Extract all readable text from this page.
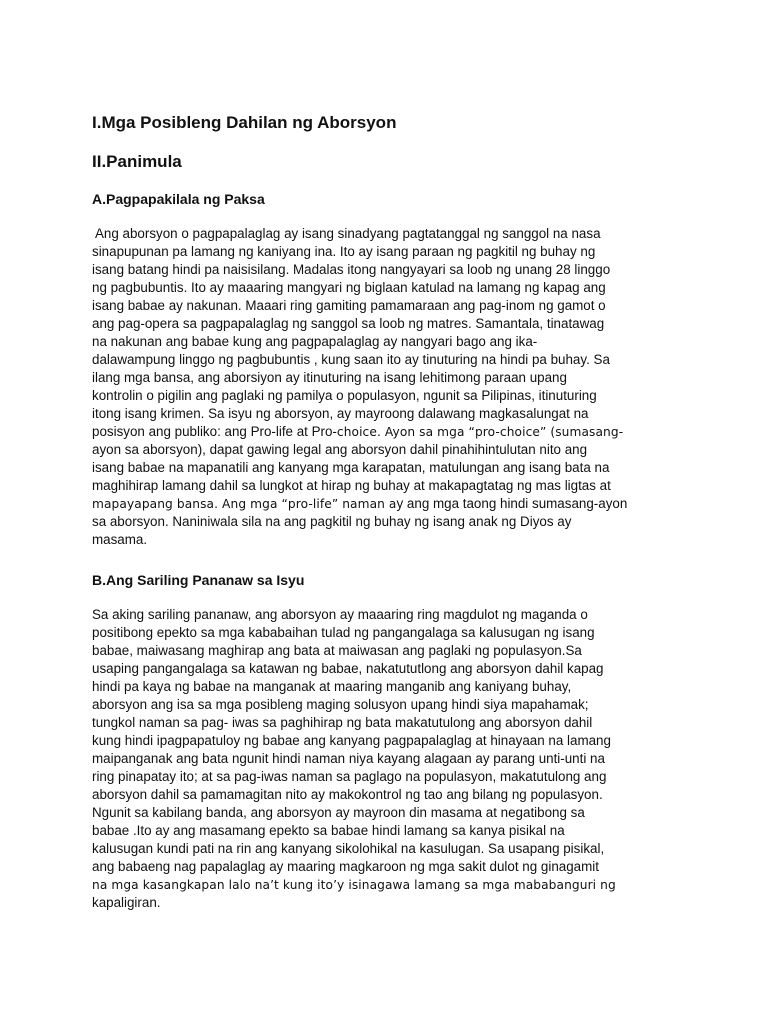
I.Mga Posibleng Dahilan ng Aborsyon
II.Panimula
A.Pagpapakilala ng Paksa
Ang aborsyon o pagpapalaglag ay isang sinadyang pagtatanggal ng sanggol na nasa
sinapupunan pa lamang ng kaniyang ina. Ito ay isang paraan ng pagkitil ng buhay ng
isang batang hindi pa naisisilang. Madalas itong nangyayari sa loob ng unang 28 linggo
ng pagbubuntis. Ito ay maaaring mangyari ng biglaan katulad na lamang ng kapag ang
isang babae ay nakunan. Maaari ring gamiting pamamaraan ang pag-inom ng gamot o
ang pag-opera sa pagpapalaglag ng sanggol sa loob ng matres. Samantala, tinatawag
na nakunan ang babae kung ang pagpapalaglag ay nangyari bago ang ika-
dalawampung linggo ng pagbubuntis , kung saan ito ay tinuturing na hindi pa buhay. Sa
ilang mga bansa, ang aborsiyon ay itinuturing na isang lehitimong paraan upang
kontrolin o pigilin ang paglaki ng pamilya o populasyon, ngunit sa Pilipinas, itinuturing
itong isang krimen. Sa isyu ng aborsyon, ay mayroong dalawang magkasalungat na
posisyon ang publiko: ang Pro-life at Pro-choice. Ayon sa mga “pro-choice” (sumasang-
ayon sa aborsyon), dapat gawing legal ang aborsyon dahil pinahihintulutan nito ang
isang babae na mapanatili ang kanyang mga karapatan, matulungan ang isang bata na
maghihirap lamang dahil sa lungkot at hirap ng buhay at makapagtatag ng mas ligtas at
mapayapang bansa. Ang mga “pro-life” naman ay ang mga taong hindi sumasang-ayon
sa aborsyon. Naniniwala sila na ang pagkitil ng buhay ng isang anak ng Diyos ay
masama.
B.Ang Sariling Pananaw sa Isyu
Sa aking sariling pananaw, ang aborsyon ay maaaring ring magdulot ng maganda o
positibong epekto sa mga kababaihan tulad ng pangangalaga sa kalusugan ng isang
babae, maiwasang maghirap ang bata at maiwasan ang paglaki ng populasyon.Sa
usaping pangangalaga sa katawan ng babae, nakatututlong ang aborsyon dahil kapag
hindi pa kaya ng babae na manganak at maaring manganib ang kaniyang buhay,
aborsyon ang isa sa mga posibleng maging solusyon upang hindi siya mapahamak;
tungkol naman sa pag- iwas sa paghihirap ng bata makatutulong ang aborsyon dahil
kung hindi ipagpapatuloy ng babae ang kanyang pagpapalaglag at hinayaan na lamang
maipanganak ang bata ngunit hindi naman niya kayang alagaan ay parang unti-unti na
ring pinapatay ito; at sa pag-iwas naman sa paglago na populasyon, makatutulong ang
aborsyon dahil sa pamamagitan nito ay makokontrol ng tao ang bilang ng populasyon.
Ngunit sa kabilang banda, ang aborsyon ay mayroon din masama at negatibong sa
babae .Ito ay ang masamang epekto sa babae hindi lamang sa kanya pisikal na
kalusugan kundi pati na rin ang kanyang sikolohikal na kasulugan. Sa usapang pisikal,
ang babaeng nag papalaglag ay maaring magkaroon ng mga sakit dulot ng ginagamit
na mga kasangkapan lalo na’t kung ito’y isinagawa lamang sa mga mababanguri ng
kapaligiran.
